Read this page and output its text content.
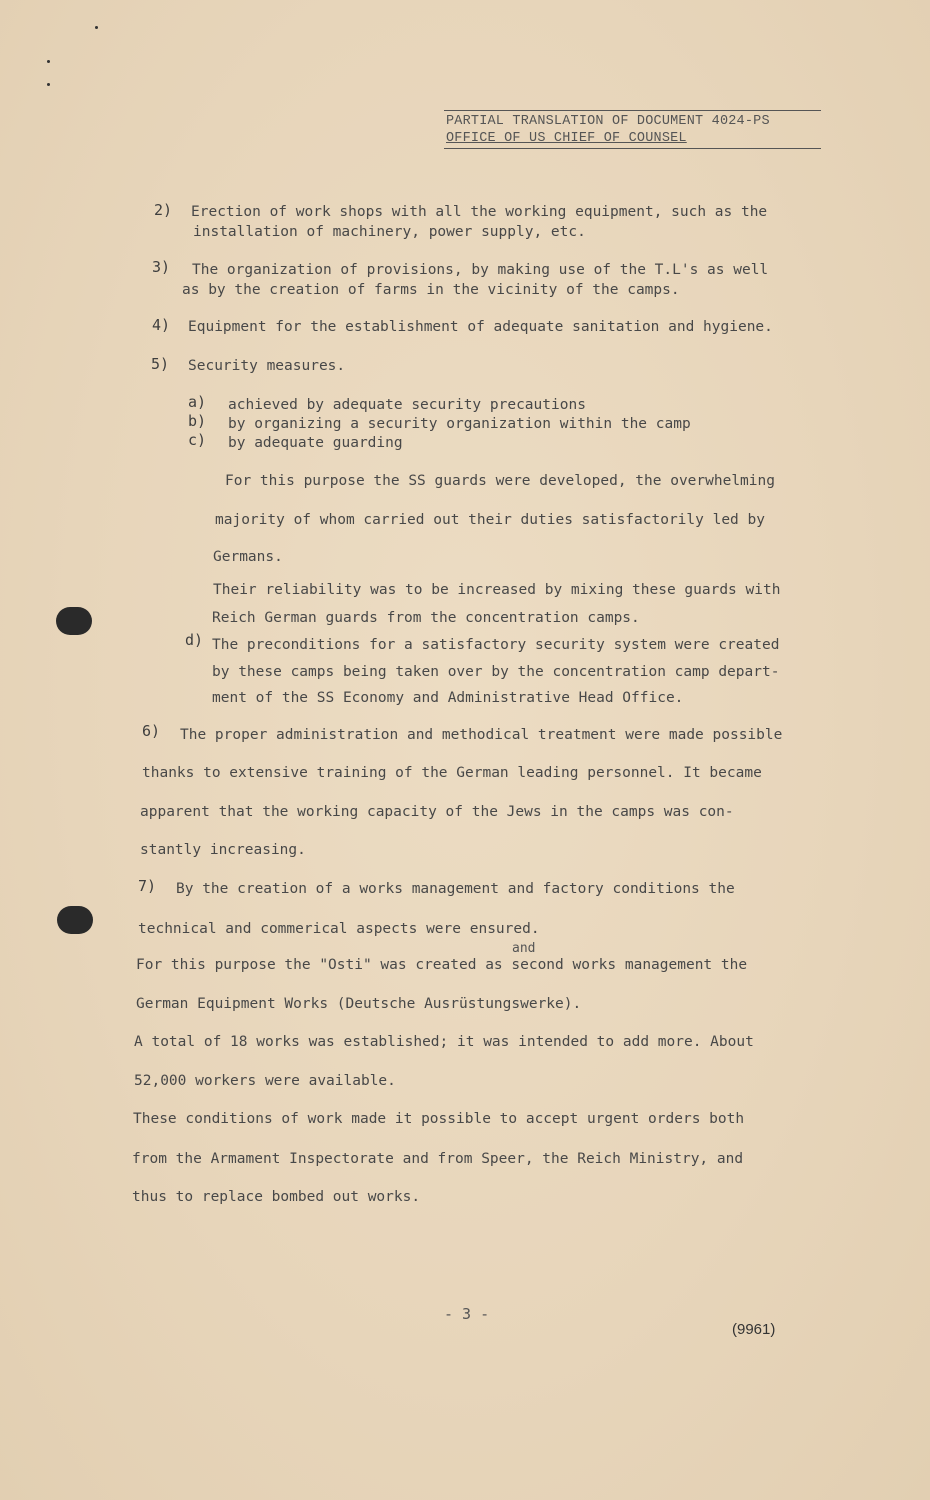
PARTIAL TRANSLATION OF DOCUMENT 4024-PS
OFFICE OF US CHIEF OF COUNSEL
2) Erection of work shops with all the working equipment, such as the
installation of machinery, power supply, etc.
3) The organization of provisions, by making use of the T.L's as well
as by the creation of farms in the vicinity of the camps.
4) Equipment for the establishment of adequate sanitation and hygiene.
5) Security measures.
a) achieved by adequate security precautions
b) by organizing a security organization within the camp
c) by adequate guarding
For this purpose the SS guards were developed, the overwhelming
majority of whom carried out their duties satisfactorily led by
Germans.
Their reliability was to be increased by mixing these guards with
Reich German guards from the concentration camps.
d) The preconditions for a satisfactory security system were created
by these camps being taken over by the concentration camp depart-
ment of the SS Economy and Administrative Head Office.
6) The proper administration and methodical treatment were made possible
thanks to extensive training of the German leading personnel. It became
apparent that the working capacity of the Jews in the camps was con-
stantly increasing.
7) By the creation of a works management and factory conditions the
technical and commerical aspects were ensured.
and
For this purpose the "Osti" was created as second works management the
German Equipment Works (Deutsche Ausrüstungswerke).
A total of 18 works was established; it was intended to add more. About
52,000 workers were available.
These conditions of work made it possible to accept urgent orders both
from the Armament Inspectorate and from Speer, the Reich Ministry, and
thus to replace bombed out works.
- 3 -
(9961)
